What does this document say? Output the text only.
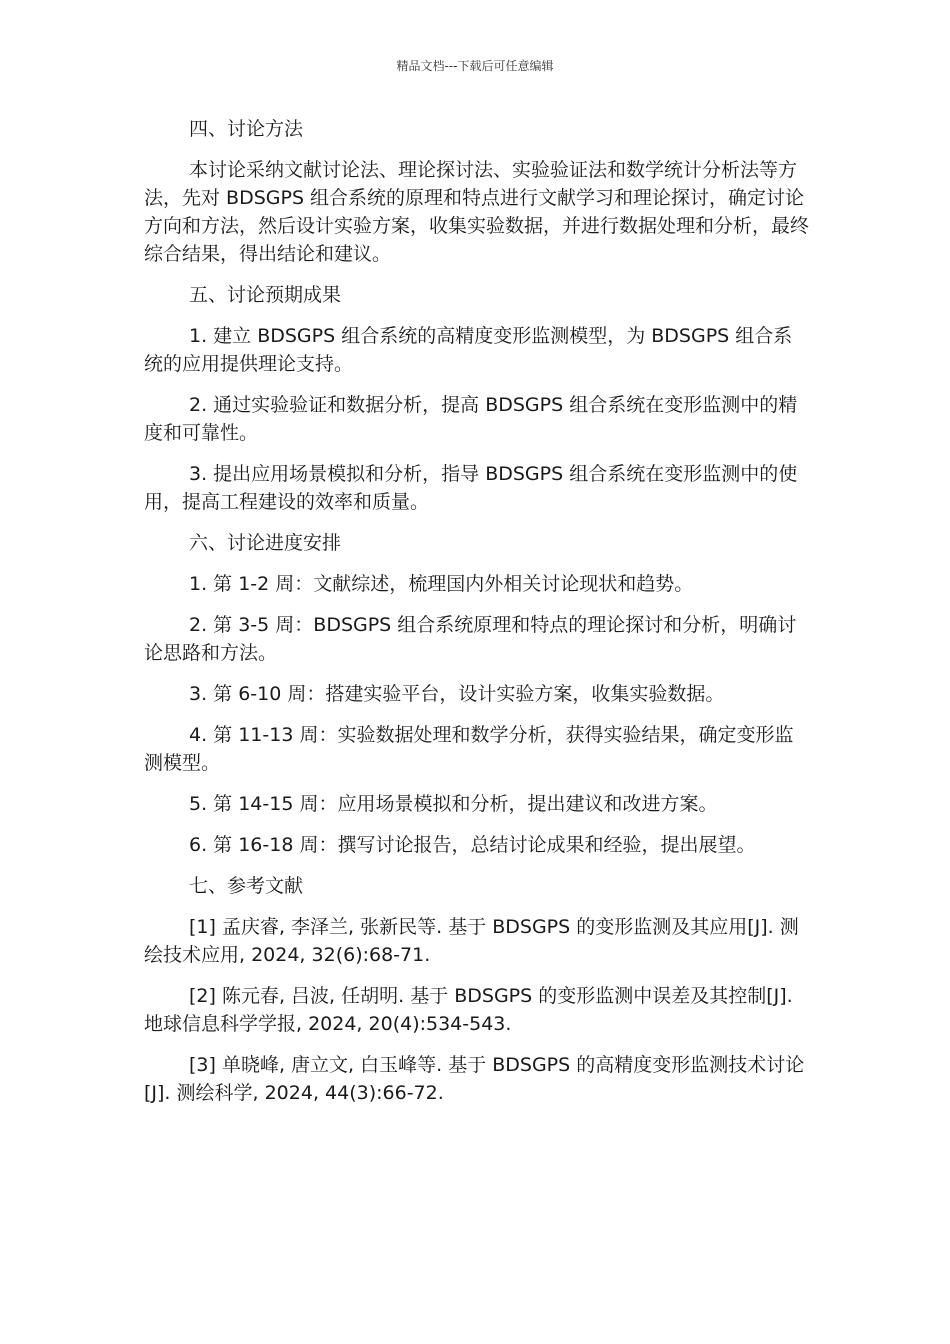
精品文档---下载后可任意编辑

四、讨论方法

本讨论采纳文献讨论法、理论探讨法、实验验证法和数学统计分析法等方法，先对 BDSGPS 组合系统的原理和特点进行文献学习和理论探讨，确定讨论方向和方法，然后设计实验方案，收集实验数据，并进行数据处理和分析，最终综合结果，得出结论和建议。

五、讨论预期成果

1. 建立 BDSGPS 组合系统的高精度变形监测模型，为 BDSGPS 组合系统的应用提供理论支持。

2. 通过实验验证和数据分析，提高 BDSGPS 组合系统在变形监测中的精度和可靠性。

3. 提出应用场景模拟和分析，指导 BDSGPS 组合系统在变形监测中的使用，提高工程建设的效率和质量。

六、讨论进度安排

1. 第 1-2 周：文献综述，梳理国内外相关讨论现状和趋势。

2. 第 3-5 周：BDSGPS 组合系统原理和特点的理论探讨和分析，明确讨论思路和方法。

3. 第 6-10 周：搭建实验平台，设计实验方案，收集实验数据。

4. 第 11-13 周：实验数据处理和数学分析，获得实验结果，确定变形监测模型。

5. 第 14-15 周：应用场景模拟和分析，提出建议和改进方案。

6. 第 16-18 周：撰写讨论报告，总结讨论成果和经验，提出展望。

七、参考文献

[1] 孟庆睿, 李泽兰, 张新民等. 基于 BDSGPS 的变形监测及其应用[J]. 测绘技术应用, 2024, 32(6):68-71.

[2] 陈元春, 吕波, 任胡明. 基于 BDSGPS 的变形监测中误差及其控制[J]. 地球信息科学学报, 2024, 20(4):534-543.

[3] 单晓峰, 唐立文, 白玉峰等. 基于 BDSGPS 的高精度变形监测技术讨论[J]. 测绘科学, 2024, 44(3):66-72.
